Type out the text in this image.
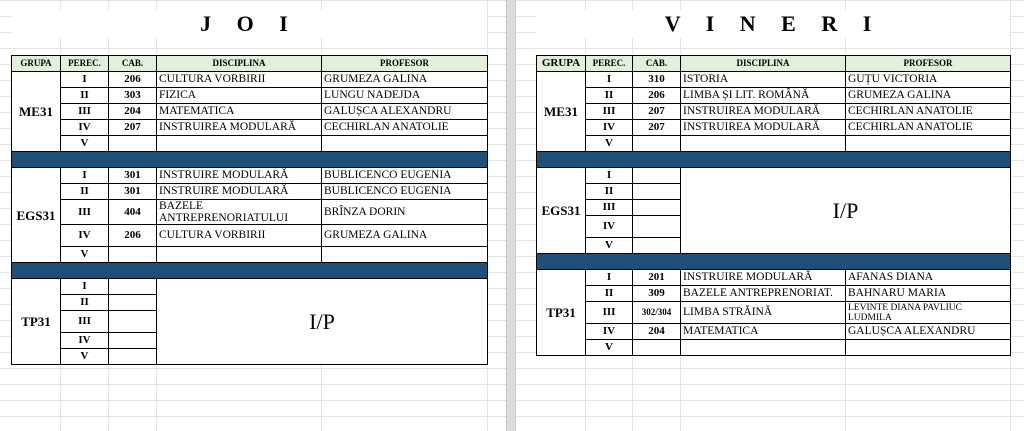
J O I	V I N E R I
GRUPA	PEREC.	CAB.	DISCIPLINA	PROFESOR
ME31	I	206	CULTURA VORBIRII	GRUMEZA GALINA
	II	303	FIZICA	LUNGU NADEJDA
	III	204	MATEMATICA	GALUȘCA ALEXANDRU
	IV	207	INSTRUIREA MODULARĂ	CECHIRLAN ANATOLIE
	V			

EGS31	I	301	INSTRUIRE MODULARĂ	BUBLICENCO EUGENIA
	II	301	INSTRUIRE MODULARĂ	BUBLICENCO EUGENIA
	III	404	BAZELE ANTREPRENORIATULUI	BRÎNZA DORIN
	IV	206	CULTURA VORBIRII	GRUMEZA GALINA
	V			

TP31	I		I/P	
	II			
	III			
	IV			
	V			
GRUPA	PEREC.	CAB.	DISCIPLINA	PROFESOR
ME31	I	310	ISTORIA	GUȚU VICTORIA
	II	206	LIMBA ȘI LIT. ROMÂNĂ	GRUMEZA GALINA
	III	207	INSTRUIREA MODULARĂ	CECHIRLAN ANATOLIE
	IV	207	INSTRUIREA MODULARĂ	CECHIRLAN ANATOLIE
	V			

EGS31	I		I/P	
	II			
	III			
	IV			
	V			

TP31	I	201	INSTRUIRE MODULARĂ	AFANAS DIANA
	II	309	BAZELE ANTREPRENORIAT.	BAHNARU MARIA
	III	302/304	LIMBA STRĂINĂ	LEVINTE DIANA PAVLIUC LUDMILA
	IV	204	MATEMATICA	GALUȘCA ALEXANDRU
	V			
